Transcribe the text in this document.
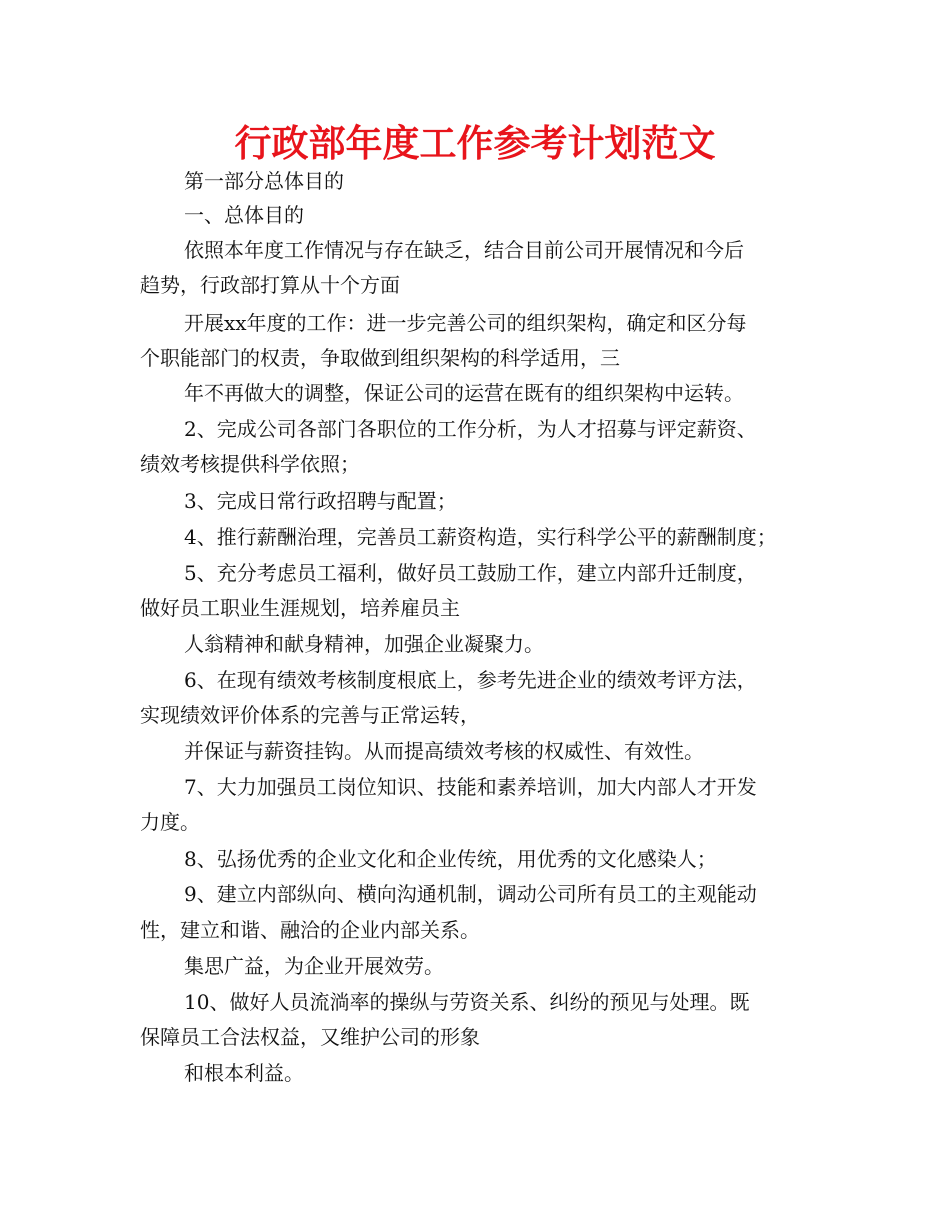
行政部年度工作参考计划范文
第一部分总体目的
一、总体目的
依照本年度工作情况与存在缺乏，结合目前公司开展情况和今后
趋势，行政部打算从十个方面
开展xx年度的工作：进一步完善公司的组织架构，确定和区分每
个职能部门的权责，争取做到组织架构的科学适用，三
年不再做大的调整，保证公司的运营在既有的组织架构中运转。
2、完成公司各部门各职位的工作分析，为人才招募与评定薪资、
绩效考核提供科学依照；
3、完成日常行政招聘与配置；
4、推行薪酬治理，完善员工薪资构造，实行科学公平的薪酬制度；
5、充分考虑员工福利，做好员工鼓励工作，建立内部升迁制度，
做好员工职业生涯规划，培养雇员主
人翁精神和献身精神，加强企业凝聚力。
6、在现有绩效考核制度根底上，参考先进企业的绩效考评方法，
实现绩效评价体系的完善与正常运转，
并保证与薪资挂钩。从而提高绩效考核的权威性、有效性。
7、大力加强员工岗位知识、技能和素养培训，加大内部人才开发
力度。
8、弘扬优秀的企业文化和企业传统，用优秀的文化感染人；
9、建立内部纵向、横向沟通机制，调动公司所有员工的主观能动
性，建立和谐、融洽的企业内部关系。
集思广益，为企业开展效劳。
10、做好人员流淌率的操纵与劳资关系、纠纷的预见与处理。既
保障员工合法权益，又维护公司的形象
和根本利益。
